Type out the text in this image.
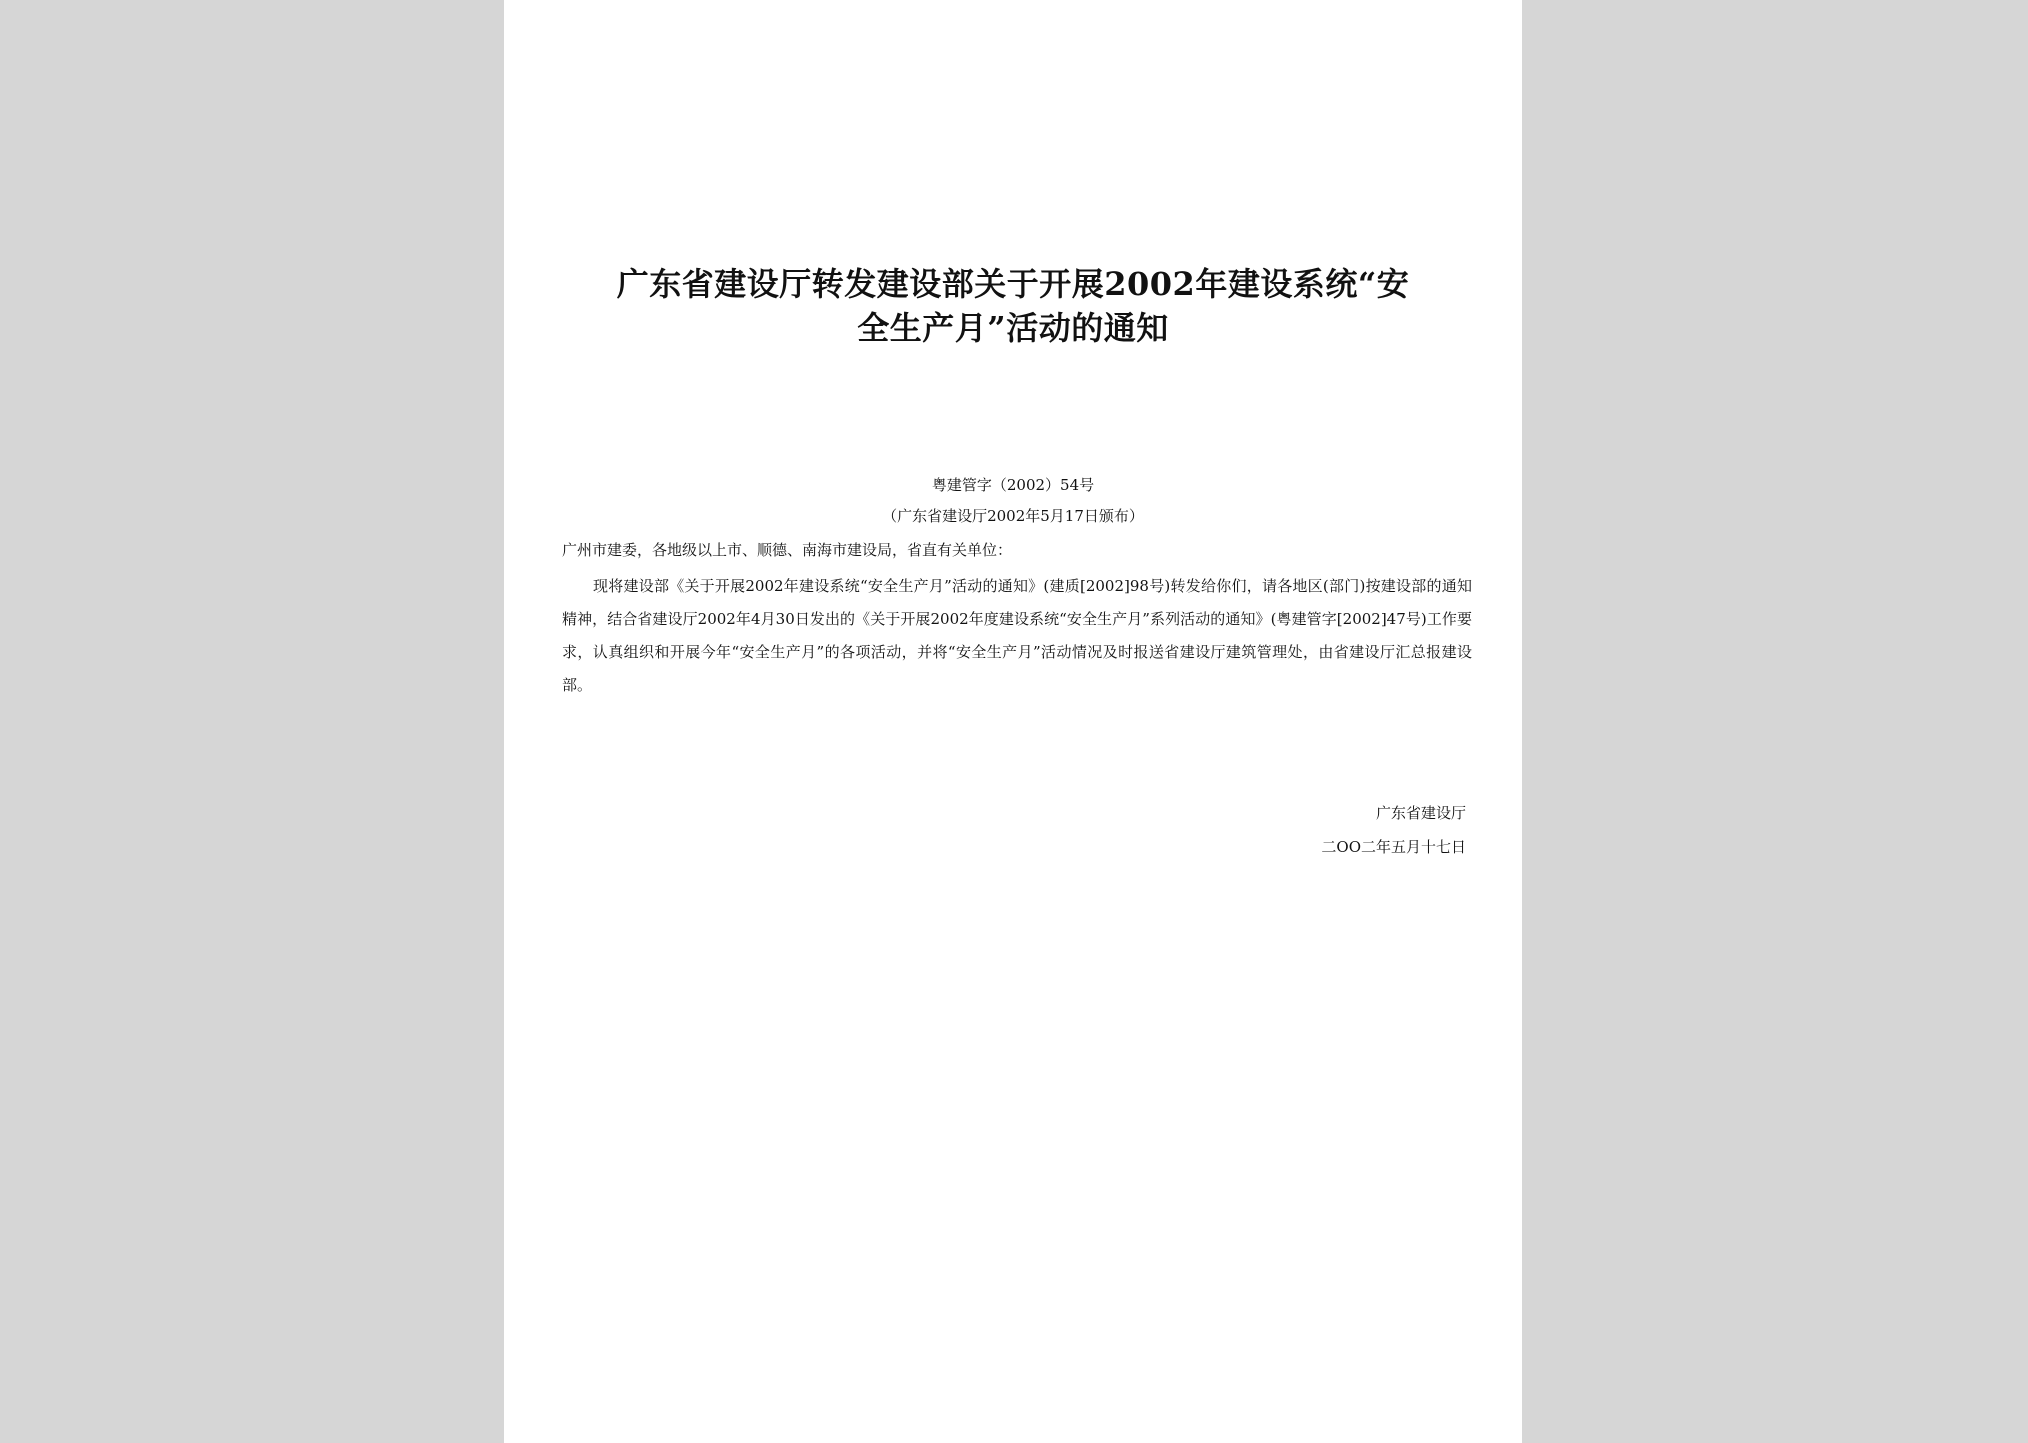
广东省建设厅转发建设部关于开展2002年建设系统“安
全生产月”活动的通知
粤建管字（2002）54号
（广东省建设厅2002年5月17日颁布）
广州市建委，各地级以上市、顺德、南海市建设局，省直有关单位：

现将建设部《关于开展2002年建设系统“安全生产月”活动的通知》(建质[2002]98号)转发给你们，请各地区(部门)按建设部的通知精神，结合省建设厅2002年4月30日发出的《关于开展2002年度建设系统“安全生产月”系列活动的通知》(粤建管字[2002]47号)工作要求，认真组织和开展今年“安全生产月”的各项活动，并将“安全生产月”活动情况及时报送省建设厅建筑管理处，由省建设厅汇总报建设部。

广东省建设厅
二OO二年五月十七日
